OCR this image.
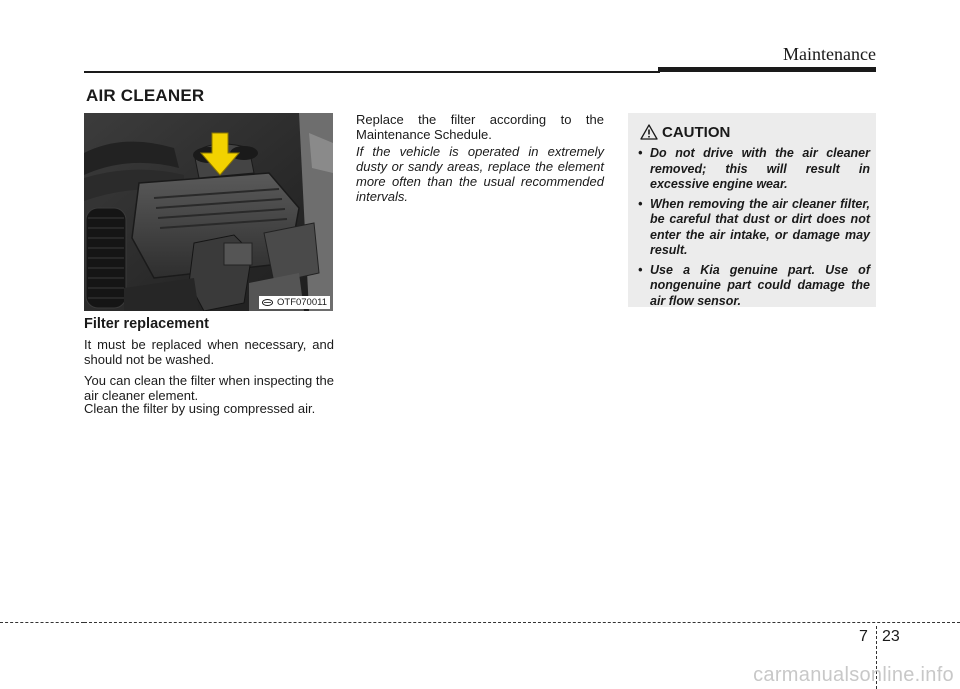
Maintenance
AIR CLEANER
OTF070011
Filter replacement
It must be replaced when necessary, and should not be washed.
You can clean the filter when inspecting the air cleaner element.
Clean the filter by using compressed air.
Replace the filter according to the Maintenance Schedule.
If the vehicle is operated in extremely dusty or sandy areas, replace the element more often than the usual recommended intervals.
CAUTION
• Do not drive with the air cleaner removed; this will result in excessive engine wear.
• When removing the air cleaner filter, be careful that dust or dirt does not enter the air intake, or damage may result.
• Use a Kia genuine part. Use of nongenuine part could damage the air flow sensor.
7 23
carmanualsonline.info
